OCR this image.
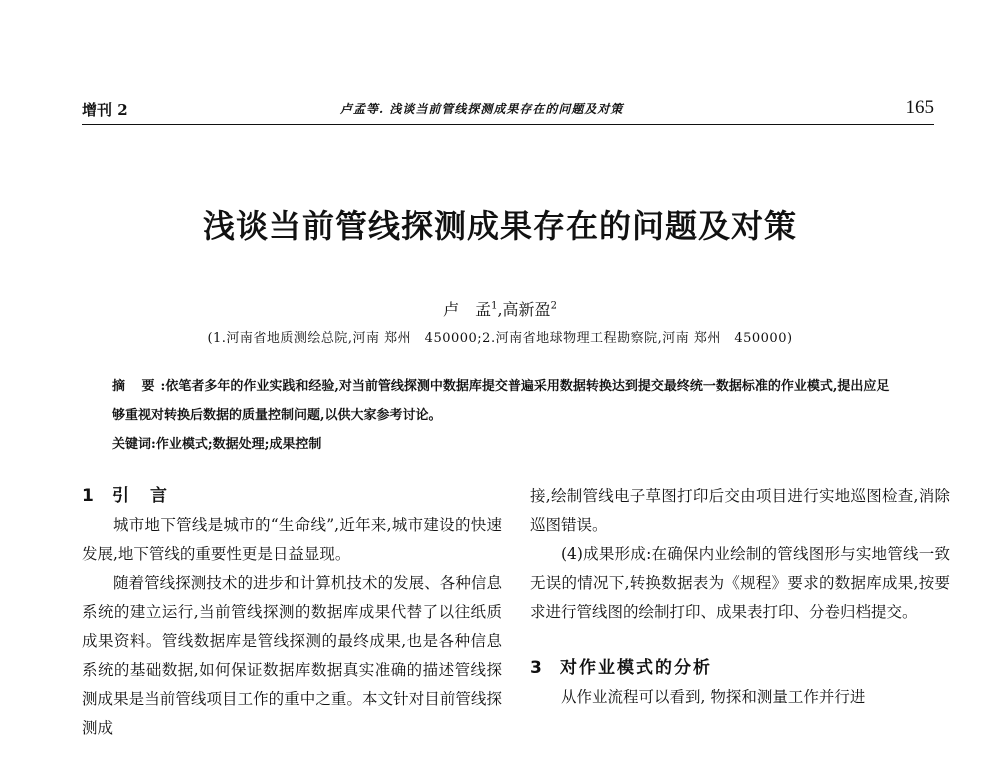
增刊 2	卢孟等. 浅谈当前管线探测成果存在的问题及对策	165
浅谈当前管线探测成果存在的问题及对策
卢　孟$^1$,高新盈$^2$
(1.河南省地质测绘总院,河南 郑州　450000;2.河南省地球物理工程勘察院,河南 郑州　450000)
摘 要:依笔者多年的作业实践和经验,对当前管线探测中数据库提交普遍采用数据转换达到提交最终统一数据标准的作业模式,提出应足够重视对转换后数据的质量控制问题,以供大家参考讨论。
关键词:作业模式;数据处理;成果控制
1 引　言

城市地下管线是城市的“生命线”,近年来,城市建设的快速发展,地下管线的重要性更是日益显现。

随着管线探测技术的进步和计算机技术的发展、各种信息系统的建立运行,当前管线探测的数据库成果代替了以往纸质成果资料。管线数据库是管线探测的最终成果,也是各种信息系统的基础数据,如何保证数据库数据真实准确的描述管线探测成果是当前管线项目工作的重中之重。本文针对目前管线探测成

接,绘制管线电子草图打印后交由项目进行实地巡图检查,消除巡图错误。

(4)成果形成:在确保内业绘制的管线图形与实地管线一致无误的情况下,转换数据表为《规程》要求的数据库成果,按要求进行管线图的绘制打印、成果表打印、分卷归档提交。

3 对作业模式的分析

从作业流程可以看到, 物探和测量工作并行进
